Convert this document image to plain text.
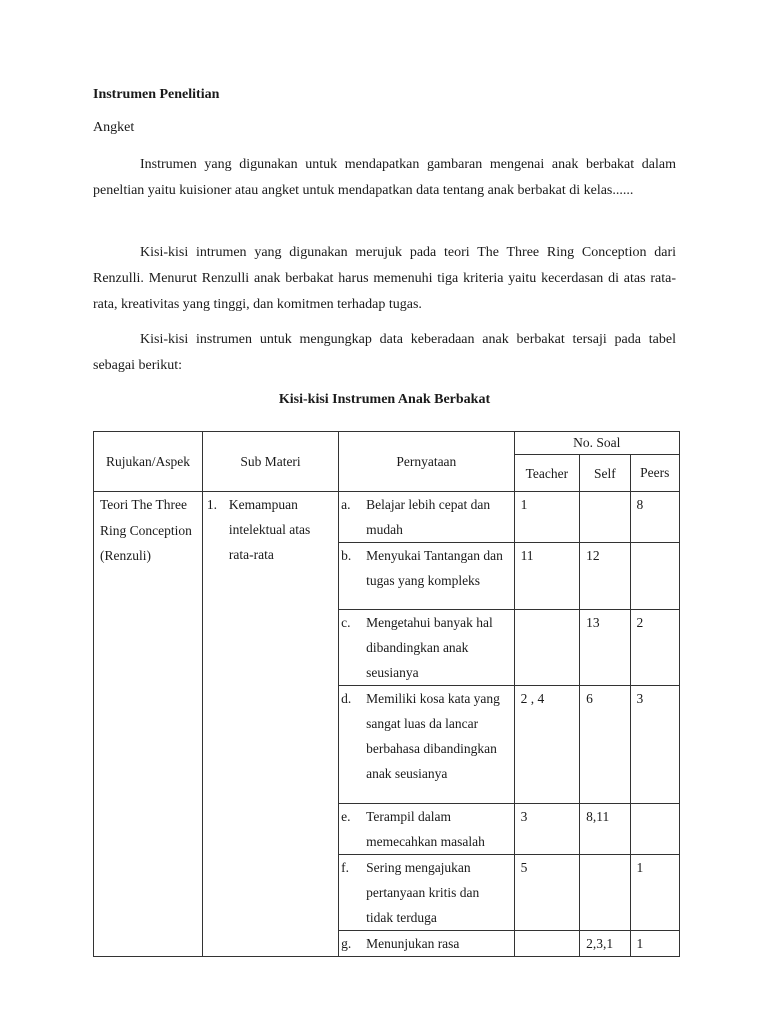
Instrumen Penelitian
Angket

Instrumen yang digunakan untuk mendapatkan gambaran mengenai anak berbakat dalam peneltian yaitu kuisioner atau angket untuk mendapatkan data tentang anak berbakat di kelas......

Kisi-kisi intrumen yang digunakan merujuk pada teori The Three Ring Conception dari Renzulli. Menurut Renzulli anak berbakat harus memenuhi tiga kriteria yaitu kecerdasan di atas rata-rata, kreativitas yang tinggi, dan komitmen terhadap tugas.

Kisi-kisi instrumen untuk mengungkap data keberadaan anak berbakat tersaji pada tabel sebagai berikut:

Kisi-kisi Instrumen Anak Berbakat
Rujukan/Aspek	Sub Materi	Pernyataan	No. Soal		
			Teacher	Self	Peers
Teori The Three Ring Conception (Renzuli)	1. Kemampuan intelektual atas rata-rata	a. Belajar lebih cepat dan mudah	1		8

		b. Menyukai Tantangan dan tugas yang kompleks	11	12	

		c. Mengetahui banyak hal dibandingkan anak seusianya		13	2

		d. Memiliki kosa kata yang sangat luas da lancar berbahasa dibandingkan anak seusianya	2 , 4	6	3

		e. Terampil dalam memecahkan masalah	3	8,11	

		f. Sering mengajukan pertanyaan kritis dan tidak terduga	5		1

		g. Menunjukan rasa		2,3,1	1
